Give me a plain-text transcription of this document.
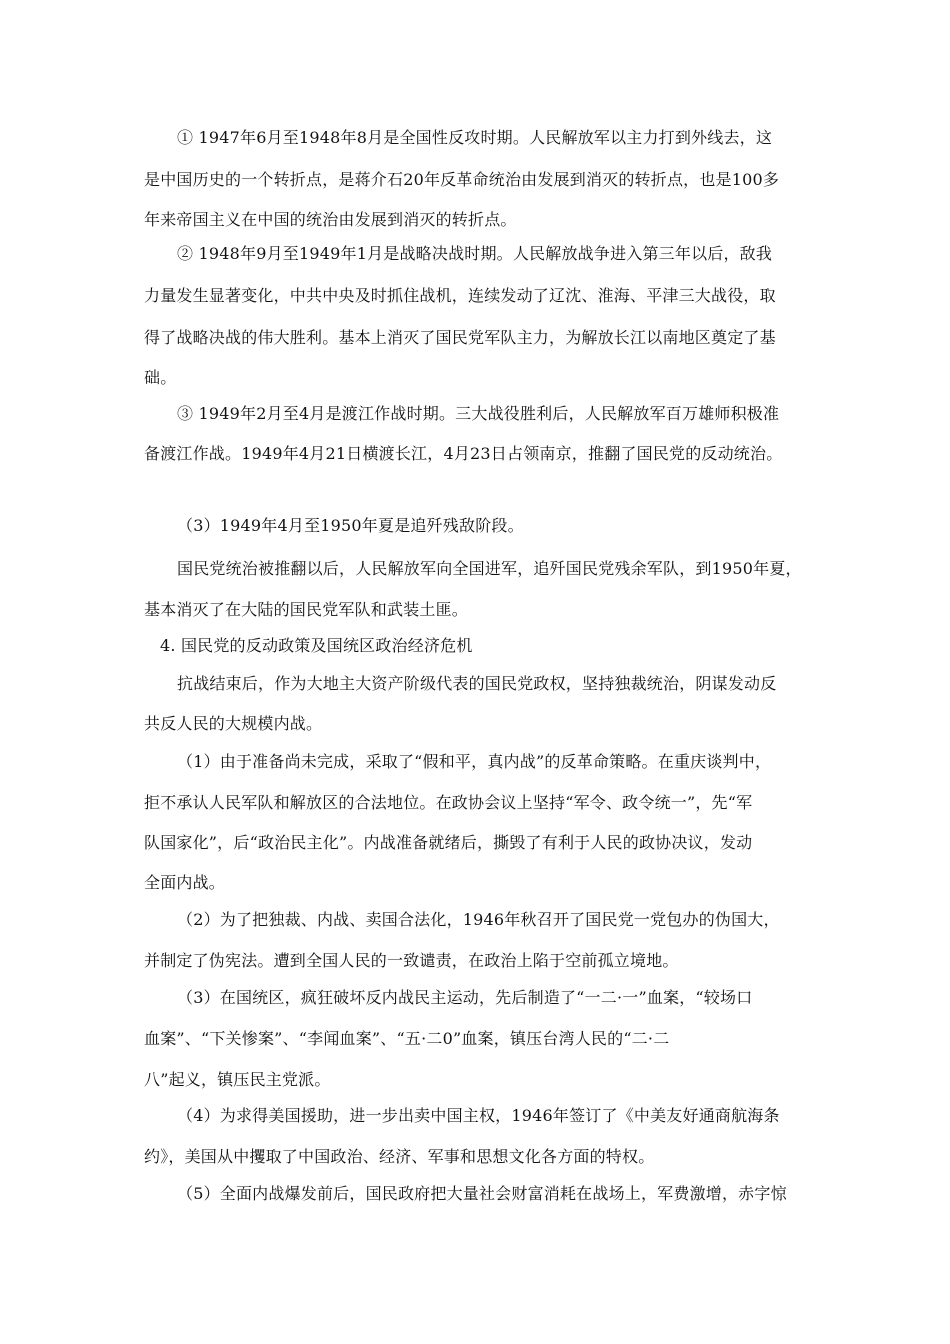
① 1947年6月至1948年8月是全国性反攻时期。人民解放军以主力打到外线去，这
是中国历史的一个转折点，是蒋介石20年反革命统治由发展到消灭的转折点，也是100多
年来帝国主义在中国的统治由发展到消灭的转折点。
② 1948年9月至1949年1月是战略决战时期。人民解放战争进入第三年以后，敌我
力量发生显著变化，中共中央及时抓住战机，连续发动了辽沈、淮海、平津三大战役，取
得了战略决战的伟大胜利。基本上消灭了国民党军队主力，为解放长江以南地区奠定了基
础。
③ 1949年2月至4月是渡江作战时期。三大战役胜利后，人民解放军百万雄师积极准
备渡江作战。1949年4月21日横渡长江，4月23日占领南京，推翻了国民党的反动统治。
（3）1949年4月至1950年夏是追歼残敌阶段。
国民党统治被推翻以后，人民解放军向全国进军，追歼国民党残余军队，到1950年夏，
基本消灭了在大陆的国民党军队和武装土匪。
4. 国民党的反动政策及国统区政治经济危机
抗战结束后，作为大地主大资产阶级代表的国民党政权，坚持独裁统治，阴谋发动反
共反人民的大规模内战。
（1）由于准备尚未完成，采取了“假和平，真内战”的反革命策略。在重庆谈判中，
拒不承认人民军队和解放区的合法地位。在政协会议上坚持“军令、政令统一”，先“军
队国家化”，后“政治民主化”。内战准备就绪后，撕毁了有利于人民的政协决议，发动
全面内战。
（2）为了把独裁、内战、卖国合法化，1946年秋召开了国民党一党包办的伪国大，
并制定了伪宪法。遭到全国人民的一致谴责，在政治上陷于空前孤立境地。
（3）在国统区，疯狂破坏反内战民主运动，先后制造了“一二·一”血案，“较场口
血案”、“下关惨案”、“李闻血案”、“五·二0”血案，镇压台湾人民的“二·二
八”起义，镇压民主党派。
（4）为求得美国援助，进一步出卖中国主权，1946年签订了《中美友好通商航海条
约》，美国从中攫取了中国政治、经济、军事和思想文化各方面的特权。
（5）全面内战爆发前后，国民政府把大量社会财富消耗在战场上，军费激增，赤字惊
